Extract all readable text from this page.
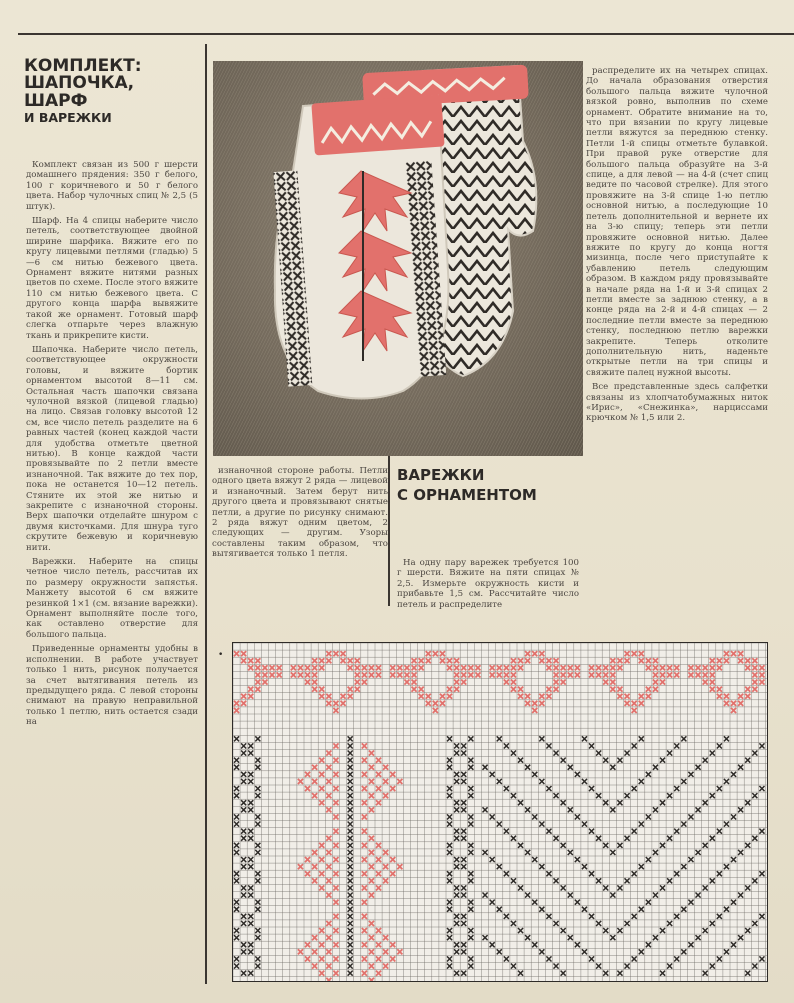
КОМПЛЕКТ:
ШАПОЧКА,
ШАРФ
И ВАРЕЖКИ

Комплект связан из 500 г шерсти домашнего прядения: 350 г белого, 100 г коричневого и 50 г белого цвета. Набор чулочных спиц № 2,5 (5 штук).

Шарф. На 4 спицы наберите число петель, соответствующее двойной ширине шарфика. Вяжите его по кругу лицевыми петлями (гладью) 5—6 см нитью бежевого цвета. Орнамент вяжите нитями разных цветов по схеме. После этого вяжите 110 см нитью бежевого цвета. С другого конца шарфа вывяжите такой же орнамент. Готовый шарф слегка отпарьте через влажную ткань и прикрепите кисти.

Шапочка. Наберите число петель, соответствующее окружности головы, и вяжите бортик орнаментом высотой 8—11 см. Остальная часть шапочки связана чулочной вязкой (лицевой гладью) на лицо. Связав головку высотой 12 см, все число петель разделите на 6 равных частей (конец каждой части для удобства отметьте цветной нитью). В конце каждой части провязывайте по 2 петли вместе изнаночной. Так вяжите до тех пор, пока не останется 10—12 петель. Стяните их этой же нитью и закрепите с изнаночной стороны. Верх шапочки отделайте шнуром с двумя кисточками. Для шнура туго скрутите бежевую и коричневую нити.

Варежки. Наберите на спицы четное число петель, рассчитав их по размеру окружности запястья. Манжету высотой 6 см вяжите резинкой 1×1 (см. вязание варежки). Орнамент выполняйте после того, как оставлено отверстие для большого пальца.

Приведенные орнаменты удобны в исполнении. В работе участвует только 1 нить, рисунок получается за счет вытягивания петель из предыдущего ряда. С левой стороны снимают на правую неправильной только 1 петлю, нить остается сзади на

изнаночной стороне работы. Петли одного цвета вяжут 2 ряда — лицевой и изнаночный. Затем берут нить другого цвета и провязывают снятые петли, а другие по рисунку снимают. 2 ряда вяжут одним цветом, 2 следующих — другим. Узоры составлены таким образом, что вытягивается только 1 петля.

ВАРЕЖКИ
С ОРНАМЕНТОМ

На одну пару варежек требуется 100 г шерсти. Вяжите на пяти спицах № 2,5. Измерьте окружность кисти и прибавьте 1,5 см. Рассчитайте число петель и распределите

распределите их на четырех спицах. До начала образования отверстия большого пальца вяжите чулочной вязкой ровно, выполнив по схеме орнамент. Обратите внимание на то, что при вязании по кругу лицевые петли вяжутся за переднюю стенку. Петли 1-й спицы отметьте булавкой. При правой руке отверстие для большого пальца образуйте на 3-й спице, а для левой — на 4-й (счет спиц ведите по часовой стрелке). Для этого провяжите на 3-й спице 1-ю петлю основной нитью, а последующие 10 петель дополнительной и вернете их на 3-ю спицу; теперь эти петли провяжите основной нитью. Далее вяжите по кругу до конца ногтя мизинца, после чего приступайте к убавлению петель следующим образом. В каждом ряду провязывайте в начале ряда на 1-й и 3-й спицах 2 петли вместе за заднюю стенку, а в конце ряда на 2-й и 4-й спицах — 2 последние петли вместе за переднюю стенку, последнюю петлю варежки закрепите. Теперь отколите дополнительную нить, наденьте открытые петли на три спицы и свяжите палец нужной высоты.

Все представленные здесь салфетки связаны из хлопчатобумажных ниток «Ирис», «Снежинка», нарциссами крючком № 1,5 или 2.

•
